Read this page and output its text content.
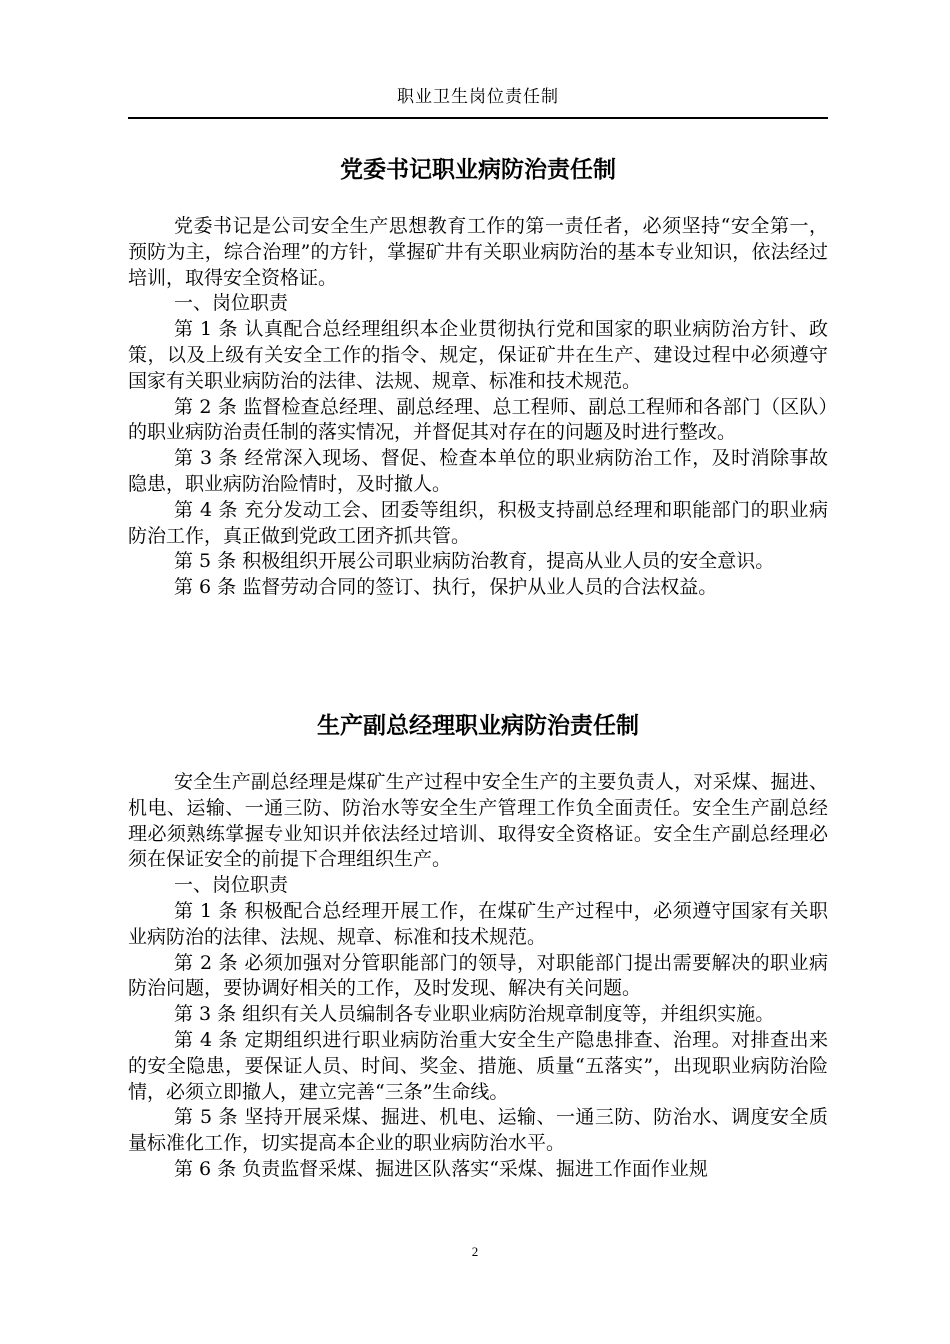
职业卫生岗位责任制
党委书记职业病防治责任制

党委书记是公司安全生产思想教育工作的第一责任者，必须坚持“安全第一，预防为主，综合治理”的方针，掌握矿井有关职业病防治的基本专业知识，依法经过培训，取得安全资格证。

一、岗位职责

第 1 条 认真配合总经理组织本企业贯彻执行党和国家的职业病防治方针、政策，以及上级有关安全工作的指令、规定，保证矿井在生产、建设过程中必须遵守国家有关职业病防治的法律、法规、规章、标准和技术规范。

第 2 条 监督检查总经理、副总经理、总工程师、副总工程师和各部门（区队）的职业病防治责任制的落实情况，并督促其对存在的问题及时进行整改。

第 3 条 经常深入现场、督促、检查本单位的职业病防治工作，及时消除事故隐患，职业病防治险情时，及时撤人。

第 4 条 充分发动工会、团委等组织，积极支持副总经理和职能部门的职业病防治工作，真正做到党政工团齐抓共管。

第 5 条 积极组织开展公司职业病防治教育，提高从业人员的安全意识。

第 6 条 监督劳动合同的签订、执行，保护从业人员的合法权益。

生产副总经理职业病防治责任制

安全生产副总经理是煤矿生产过程中安全生产的主要负责人，对采煤、掘进、机电、运输、一通三防、防治水等安全生产管理工作负全面责任。安全生产副总经理必须熟练掌握专业知识并依法经过培训、取得安全资格证。安全生产副总经理必须在保证安全的前提下合理组织生产。

一、岗位职责

第 1 条 积极配合总经理开展工作，在煤矿生产过程中，必须遵守国家有关职业病防治的法律、法规、规章、标准和技术规范。

第 2 条 必须加强对分管职能部门的领导，对职能部门提出需要解决的职业病防治问题，要协调好相关的工作，及时发现、解决有关问题。

第 3 条 组织有关人员编制各专业职业病防治规章制度等，并组织实施。

第 4 条 定期组织进行职业病防治重大安全生产隐患排查、治理。对排查出来的安全隐患，要保证人员、时间、奖金、措施、质量“五落实”，出现职业病防治险情，必须立即撤人，建立完善“三条”生命线。

第 5 条 坚持开展采煤、掘进、机电、运输、一通三防、防治水、调度安全质量标准化工作，切实提高本企业的职业病防治水平。

第 6 条 负责监督采煤、掘进区队落实“采煤、掘进工作面作业规

2
